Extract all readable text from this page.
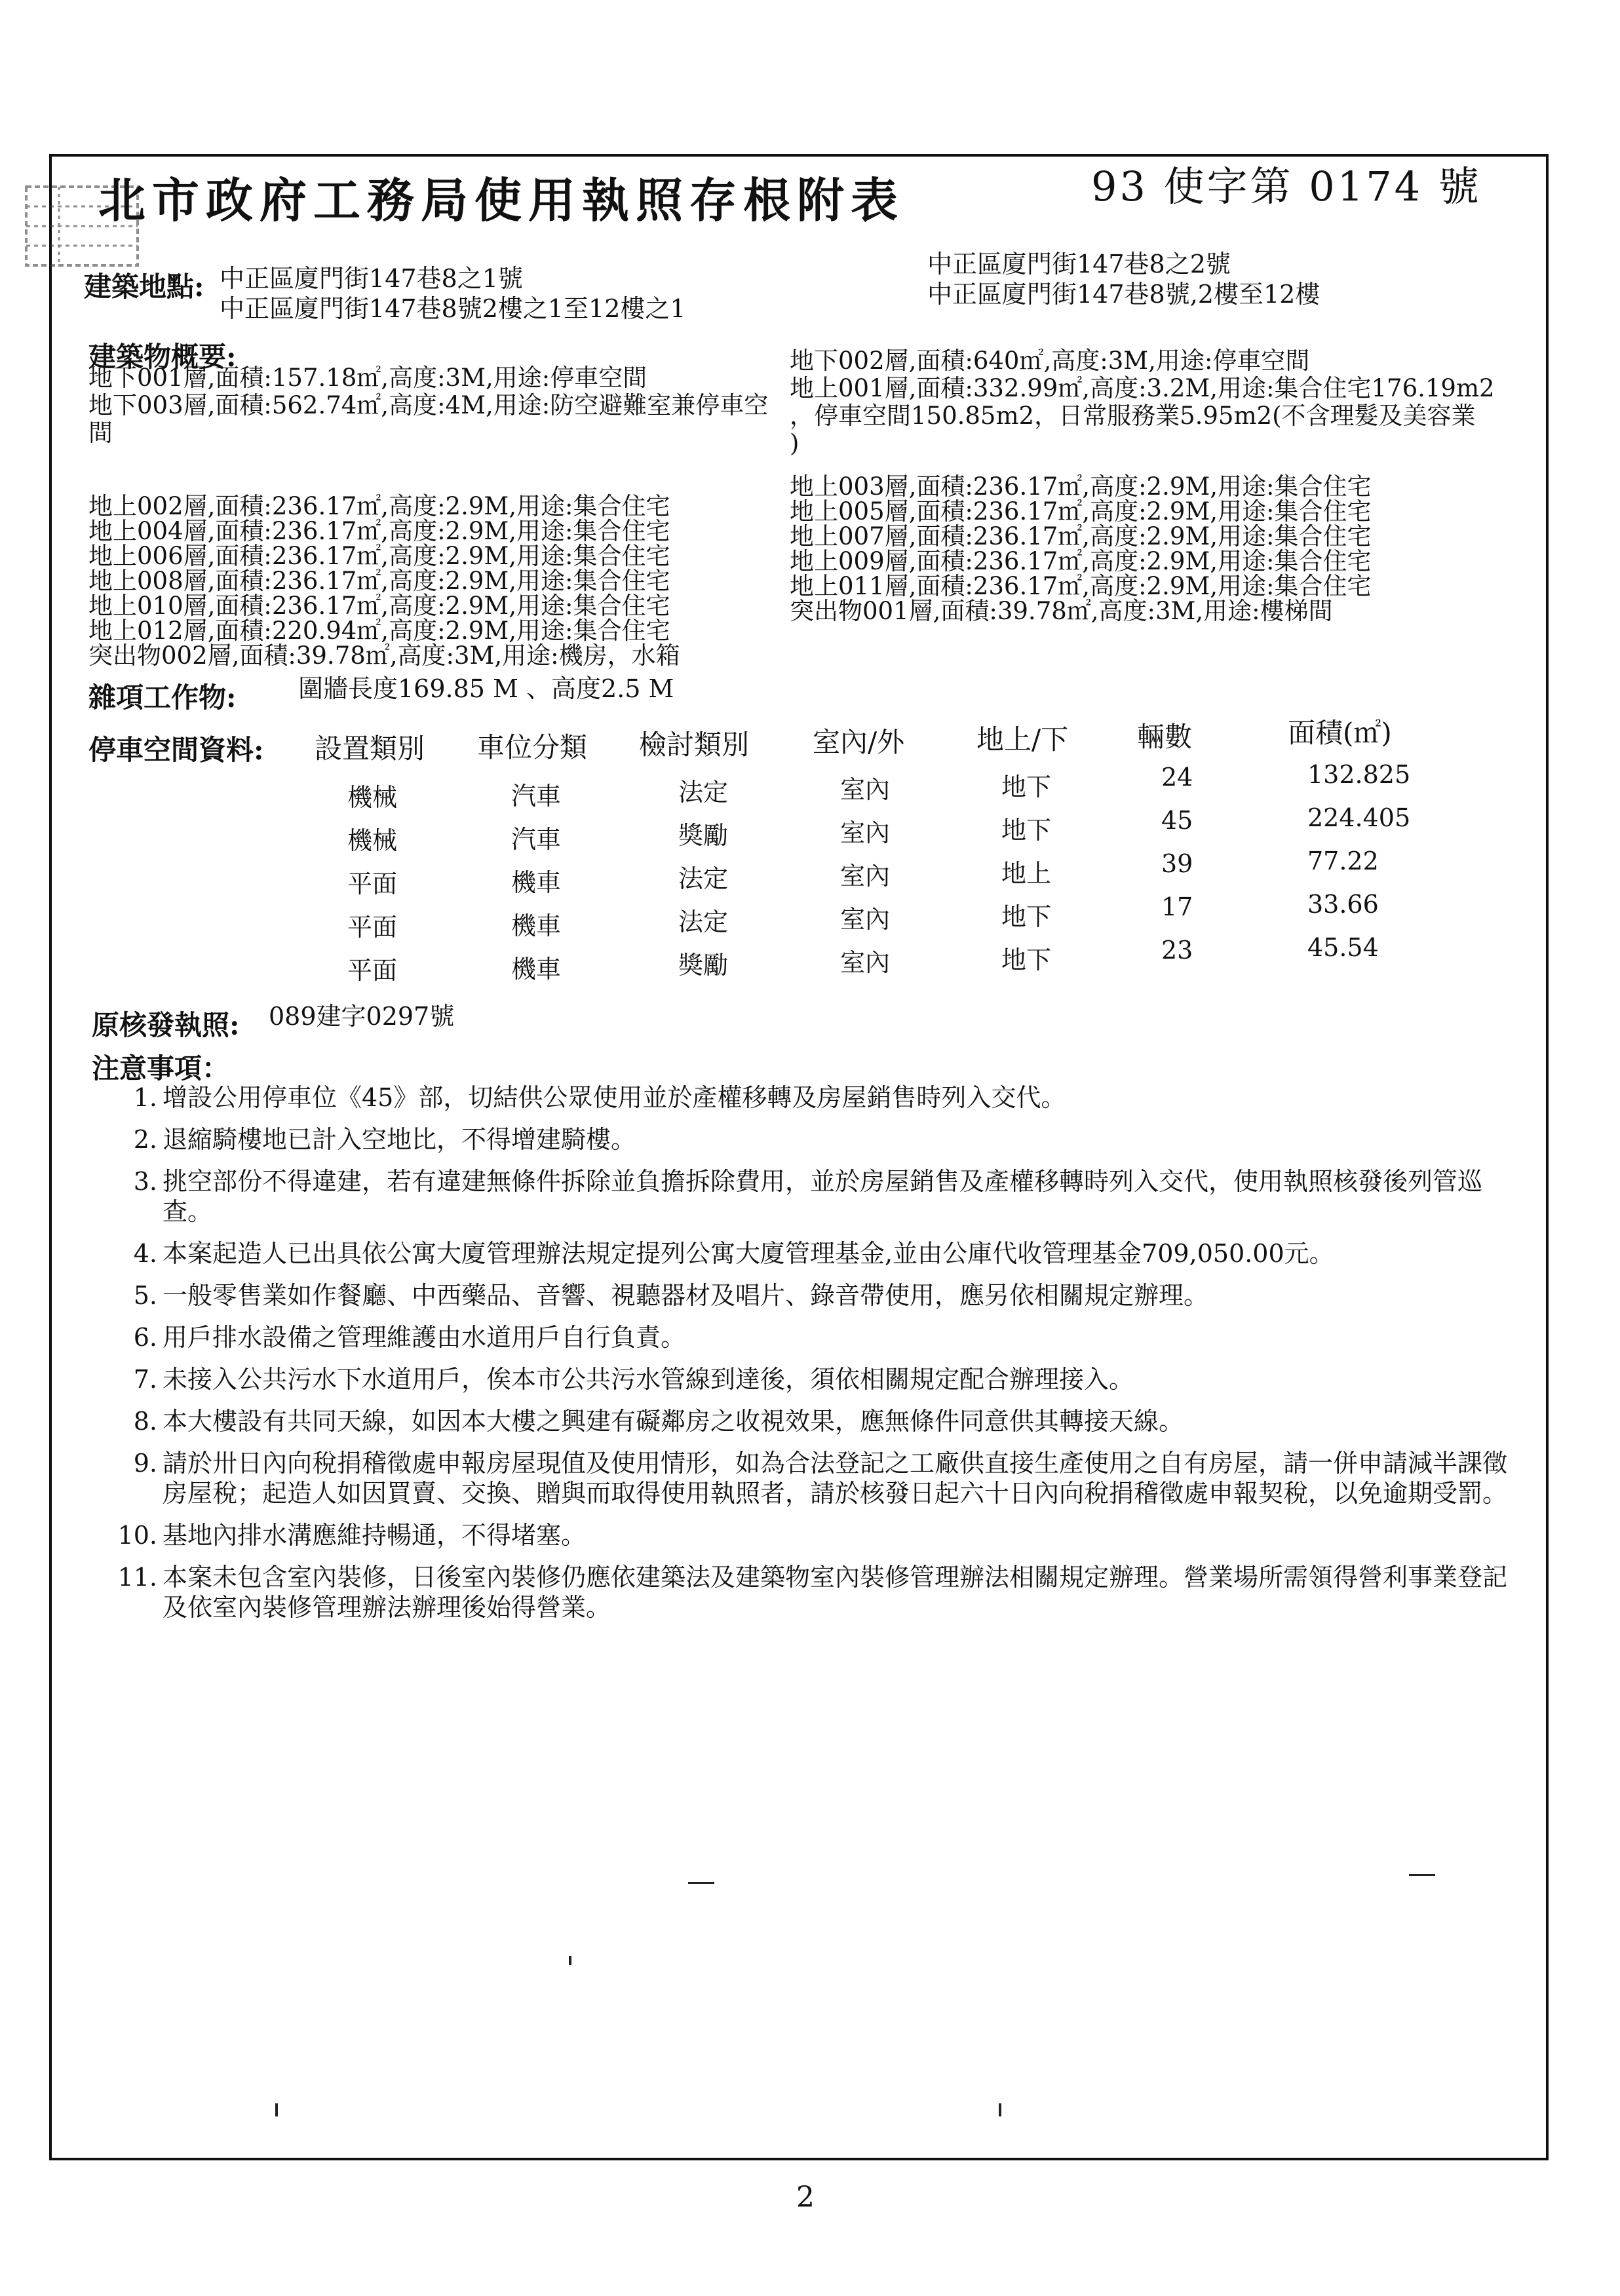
北市政府工務局使用執照存根附表	93 使字第 0174 號
建築地點: 中正區廈門街147巷8之1號
中正區廈門街147巷8號2樓之1至12樓之1
中正區廈門街147巷8之2號
中正區廈門街147巷8號,2樓至12樓
建築物概要:
地下001層,面積:157.18㎡,高度:3M,用途:停車空間
地下003層,面積:562.74㎡,高度:4M,用途:防空避難室兼停車空
間
地下002層,面積:640㎡,高度:3M,用途:停車空間
地上001層,面積:332.99㎡,高度:3.2M,用途:集合住宅176.19m2
，停車空間150.85m2，日常服務業5.95m2(不含理髮及美容業
)
地上002層,面積:236.17㎡,高度:2.9M,用途:集合住宅
地上004層,面積:236.17㎡,高度:2.9M,用途:集合住宅
地上006層,面積:236.17㎡,高度:2.9M,用途:集合住宅
地上008層,面積:236.17㎡,高度:2.9M,用途:集合住宅
地上010層,面積:236.17㎡,高度:2.9M,用途:集合住宅
地上012層,面積:220.94㎡,高度:2.9M,用途:集合住宅
突出物002層,面積:39.78㎡,高度:3M,用途:機房，水箱
地上003層,面積:236.17㎡,高度:2.9M,用途:集合住宅
地上005層,面積:236.17㎡,高度:2.9M,用途:集合住宅
地上007層,面積:236.17㎡,高度:2.9M,用途:集合住宅
地上009層,面積:236.17㎡,高度:2.9M,用途:集合住宅
地上011層,面積:236.17㎡,高度:2.9M,用途:集合住宅
突出物001層,面積:39.78㎡,高度:3M,用途:樓梯間
雜項工作物: 圍牆長度169.85 M 、高度2.5 M
停車空間資料: 設置類別 車位分類 檢討類別 室內/外	地上/下 輛數	面積(㎡)
機械	汽車	法定	室內	地下	24	132.825
機械	汽車	獎勵	室內	地下	45	224.405
平面	機車	法定	室內	地上	39	77.22
平面	機車	法定	室內	地下	17	33.66
平面	機車	獎勵	室內	地下	23	45.54
原核發執照: 089建字0297號
注意事項：
1. 增設公用停車位《45》部，切結供公眾使用並於產權移轉及房屋銷售時列入交代。
2. 退縮騎樓地已計入空地比，不得增建騎樓。
3. 挑空部份不得違建，若有違建無條件拆除並負擔拆除費用，並於房屋銷售及產權移轉時列入交代，使用執照核發後列管巡查。
4. 本案起造人已出具依公寓大廈管理辦法規定提列公寓大廈管理基金,並由公庫代收管理基金709,050.00元。
5. 一般零售業如作餐廳、中西藥品、音響、視聽器材及唱片、錄音帶使用，應另依相關規定辦理。
6. 用戶排水設備之管理維護由水道用戶自行負責。
7. 未接入公共污水下水道用戶，俟本市公共污水管線到達後，須依相關規定配合辦理接入。
8. 本大樓設有共同天線，如因本大樓之興建有礙鄰房之收視效果，應無條件同意供其轉接天線。
9. 請於卅日內向稅捐稽徵處申報房屋現值及使用情形，如為合法登記之工廠供直接生產使用之自有房屋，請一併申請減半課徵房屋稅；起造人如因買賣、交換、贈與而取得使用執照者，請於核發日起六十日內向稅捐稽徵處申報契稅，以免逾期受罰。
10. 基地內排水溝應維持暢通，不得堵塞。
11. 本案未包含室內裝修，日後室內裝修仍應依建築法及建築物室內裝修管理辦法相關規定辦理。營業場所需領得營利事業登記及依室內裝修管理辦法辦理後始得營業。
2
